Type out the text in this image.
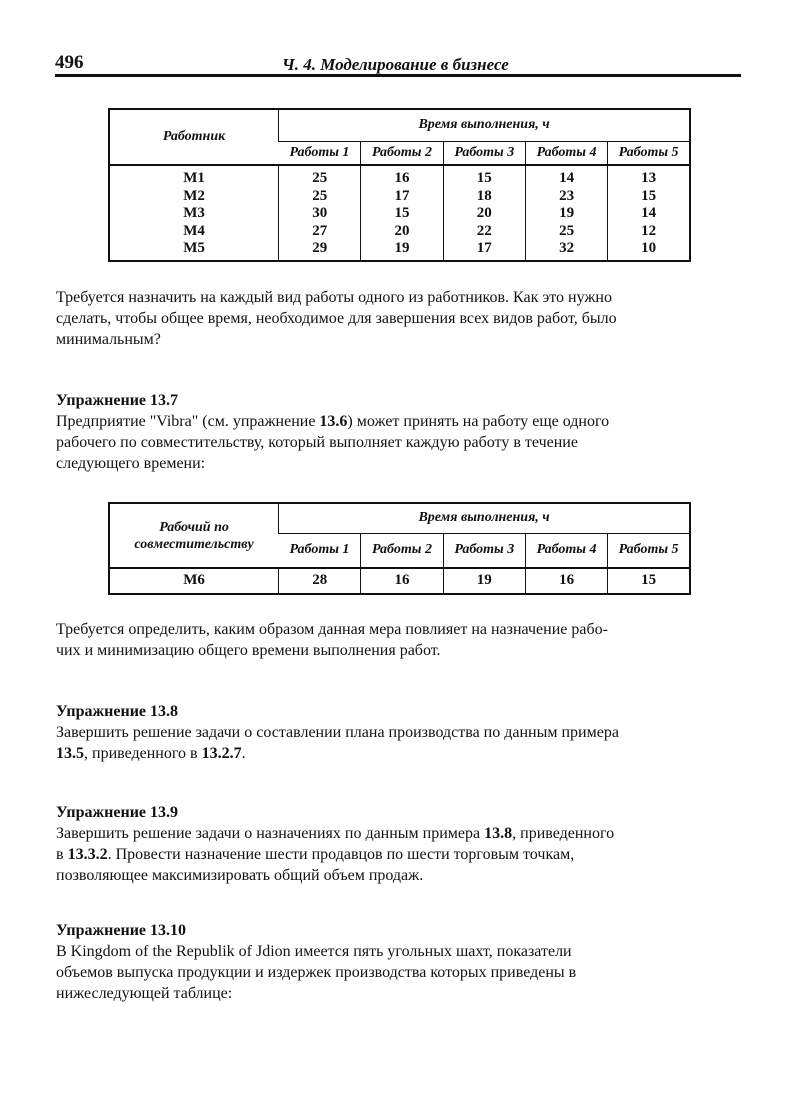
496	Ч. 4. Моделирование в бизнесе
Работник	Время выполнения, ч				
	Работы 1	Работы 2	Работы 3	Работы 4	Работы 5
M1	25	16	15	14	13
M2	25	17	18	23	15
M3	30	15	20	19	14
M4	27	20	22	25	12
M5	29	19	17	32	10
Требуется назначить на каждый вид работы одного из работников. Как это нужно
сделать, чтобы общее время, необходимое для завершения всех видов работ, было
минимальным?
Упражнение 13.7
Предприятие "Vibra" (см. упражнение 13.6) может принять на работу еще одного
рабочего по совместительству, который выполняет каждую работу в течение
следующего времени:
Рабочий по
совместительству	Время выполнения, ч				
	Работы 1	Работы 2	Работы 3	Работы 4	Работы 5
M6	28	16	19	16	15
Требуется определить, каким образом данная мера повлияет на назначение рабо-
чих и минимизацию общего времени выполнения работ.
Упражнение 13.8
Завершить решение задачи о составлении плана производства по данным примера
13.5, приведенного в 13.2.7.
Упражнение 13.9
Завершить решение задачи о назначениях по данным примера 13.8, приведенного
в 13.3.2. Провести назначение шести продавцов по шести торговым точкам,
позволяющее максимизировать общий объем продаж.
Упражнение 13.10
В Kingdom of the Republik of Jdion имеется пять угольных шахт, показатели
объемов выпуска продукции и издержек производства которых приведены в
нижеследующей таблице:
